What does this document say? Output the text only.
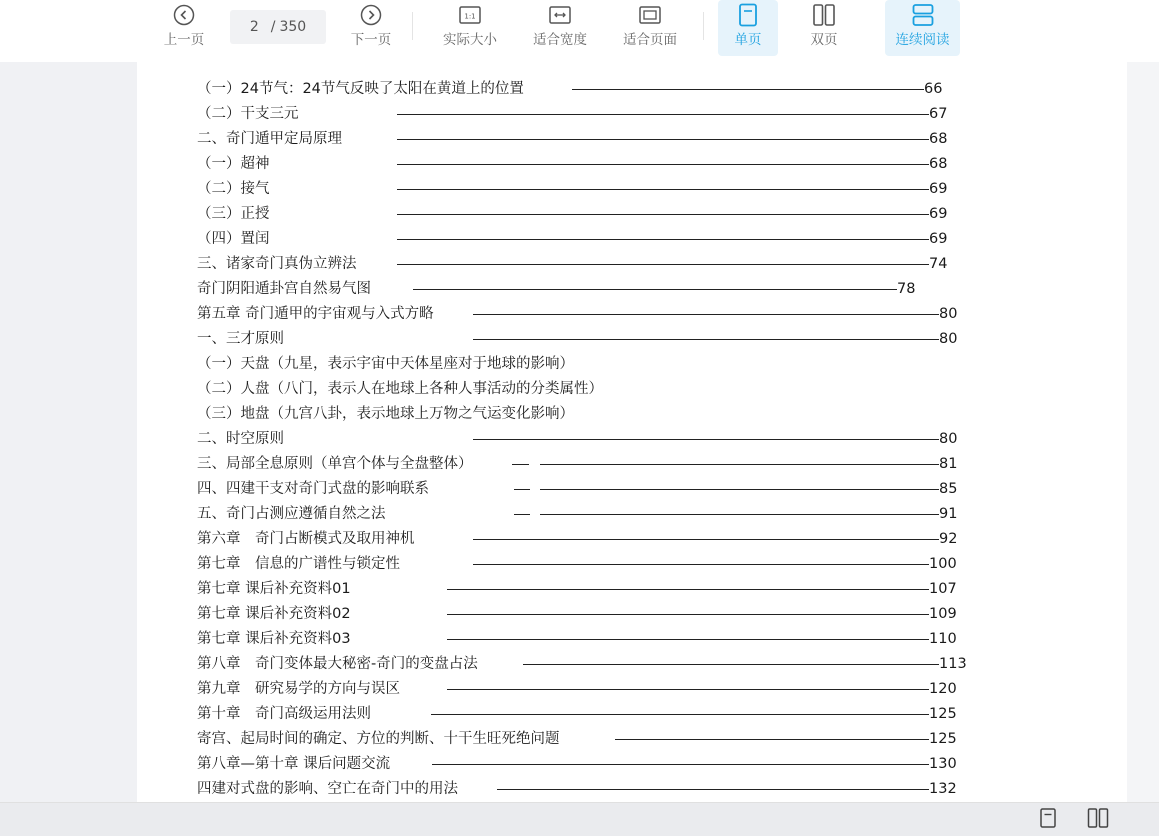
上一页
2 / 350
下一页
1:1
实际大小	适合宽度	适合页面	单页	双页	连续阅读
（一）24节气：24节气反映了太阳在黄道上的位置	66
（二）干支三元	67
二、奇门遁甲定局原理	68
（一）超神	68
（二）接气	69
（三）正授	69
（四）置闰	69
三、诸家奇门真伪立辨法	74
奇门阴阳遁卦宫自然易气图	78
第五章 奇门遁甲的宇宙观与入式方略	80
一、三才原则	80
（一）天盘（九星，表示宇宙中天体星座对于地球的影响）
（二）人盘（八门，表示人在地球上各种人事活动的分类属性）
（三）地盘（九宫八卦，表示地球上万物之气运变化影响）
二、时空原则	80
三、局部全息原则（单宫个体与全盘整体）	81
四、四建干支对奇门式盘的影响联系	85
五、奇门占测应遵循自然之法	91
第六章　奇门占断模式及取用神机	92
第七章　信息的广谱性与锁定性	100
第七章 课后补充资料01	107
第七章 课后补充资料02	109
第七章 课后补充资料03	110
第八章　奇门变体最大秘密-奇门的变盘占法	113
第九章　研究易学的方向与误区	120
第十章　奇门高级运用法则	125
寄宫、起局时间的确定、方位的判断、十干生旺死绝问题	125
第八章—第十章 课后问题交流	130
四建对式盘的影响、空亡在奇门中的用法	132
